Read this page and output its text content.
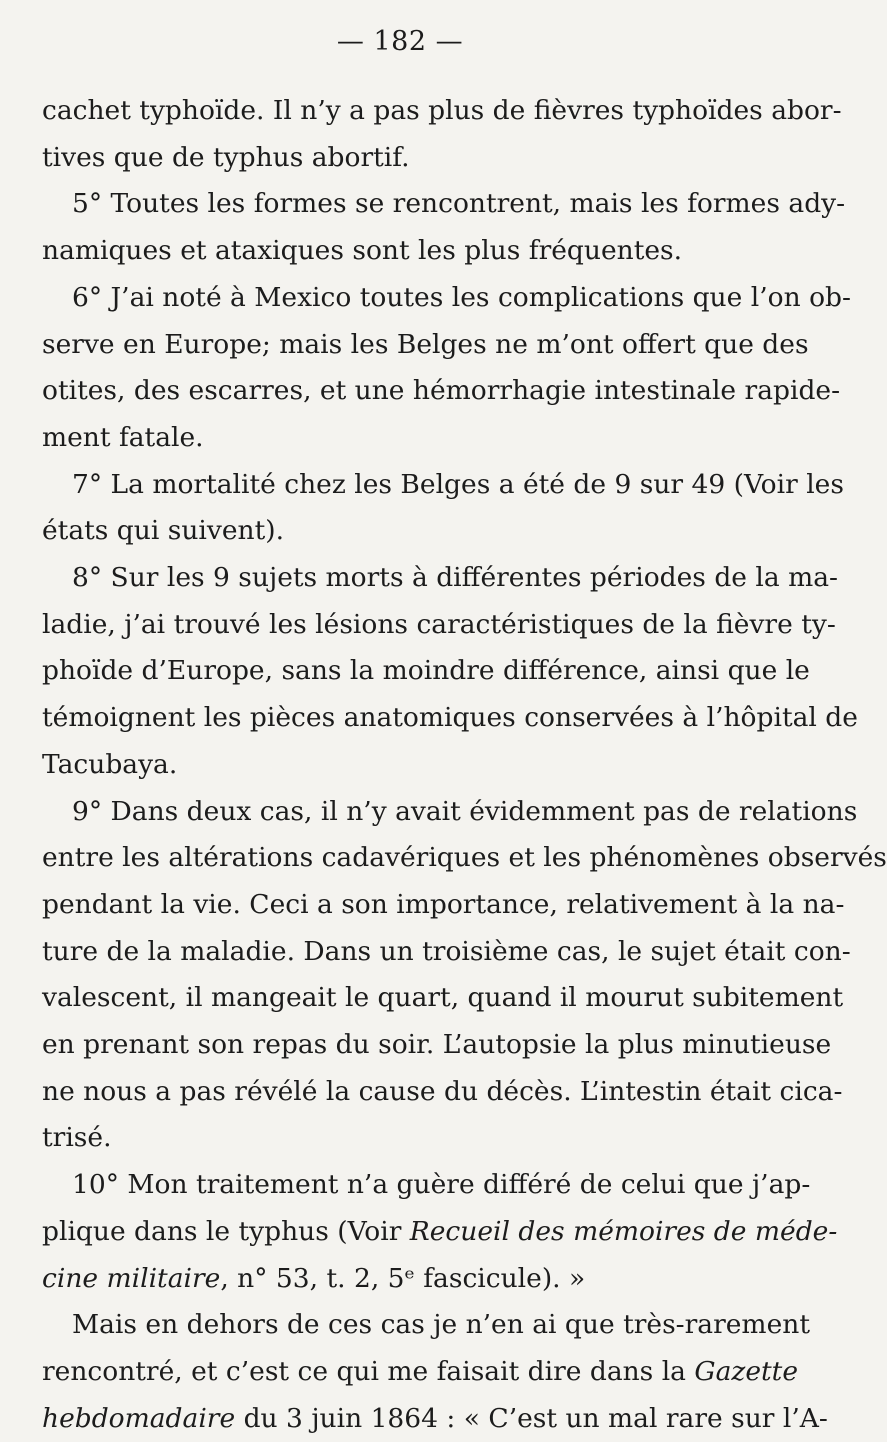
— 182 —
cachet typhoïde. Il n’y a pas plus de fièvres typhoïdes abor-
tives que de typhus abortif.
5° Toutes les formes se rencontrent, mais les formes ady-
namiques et ataxiques sont les plus fréquentes.
6° J’ai noté à Mexico toutes les complications que l’on ob-
serve en Europe; mais les Belges ne m’ont offert que des
otites, des escarres, et une hémorrhagie intestinale rapide-
ment fatale.
7° La mortalité chez les Belges a été de 9 sur 49 (Voir les
états qui suivent).
8° Sur les 9 sujets morts à différentes périodes de la ma-
ladie, j’ai trouvé les lésions caractéristiques de la fièvre ty-
phoïde d’Europe, sans la moindre différence, ainsi que le
témoignent les pièces anatomiques conservées à l’hôpital de
Tacubaya.
9° Dans deux cas, il n’y avait évidemment pas de relations
entre les altérations cadavériques et les phénomènes observés
pendant la vie. Ceci a son importance, relativement à la na-
ture de la maladie. Dans un troisième cas, le sujet était con-
valescent, il mangeait le quart, quand il mourut subitement
en prenant son repas du soir. L’autopsie la plus minutieuse
ne nous a pas révélé la cause du décès. L’intestin était cica-
trisé.
10° Mon traitement n’a guère différé de celui que j’ap-
plique dans le typhus (Voir Recueil des mémoires de méde-
cine militaire, n° 53, t. 2, 5ᵉ fascicule). »
Mais en dehors de ces cas je n’en ai que très-rarement
rencontré, et c’est ce qui me faisait dire dans la Gazette
hebdomadaire du 3 juin 1864 : « C’est un mal rare sur l’A-
